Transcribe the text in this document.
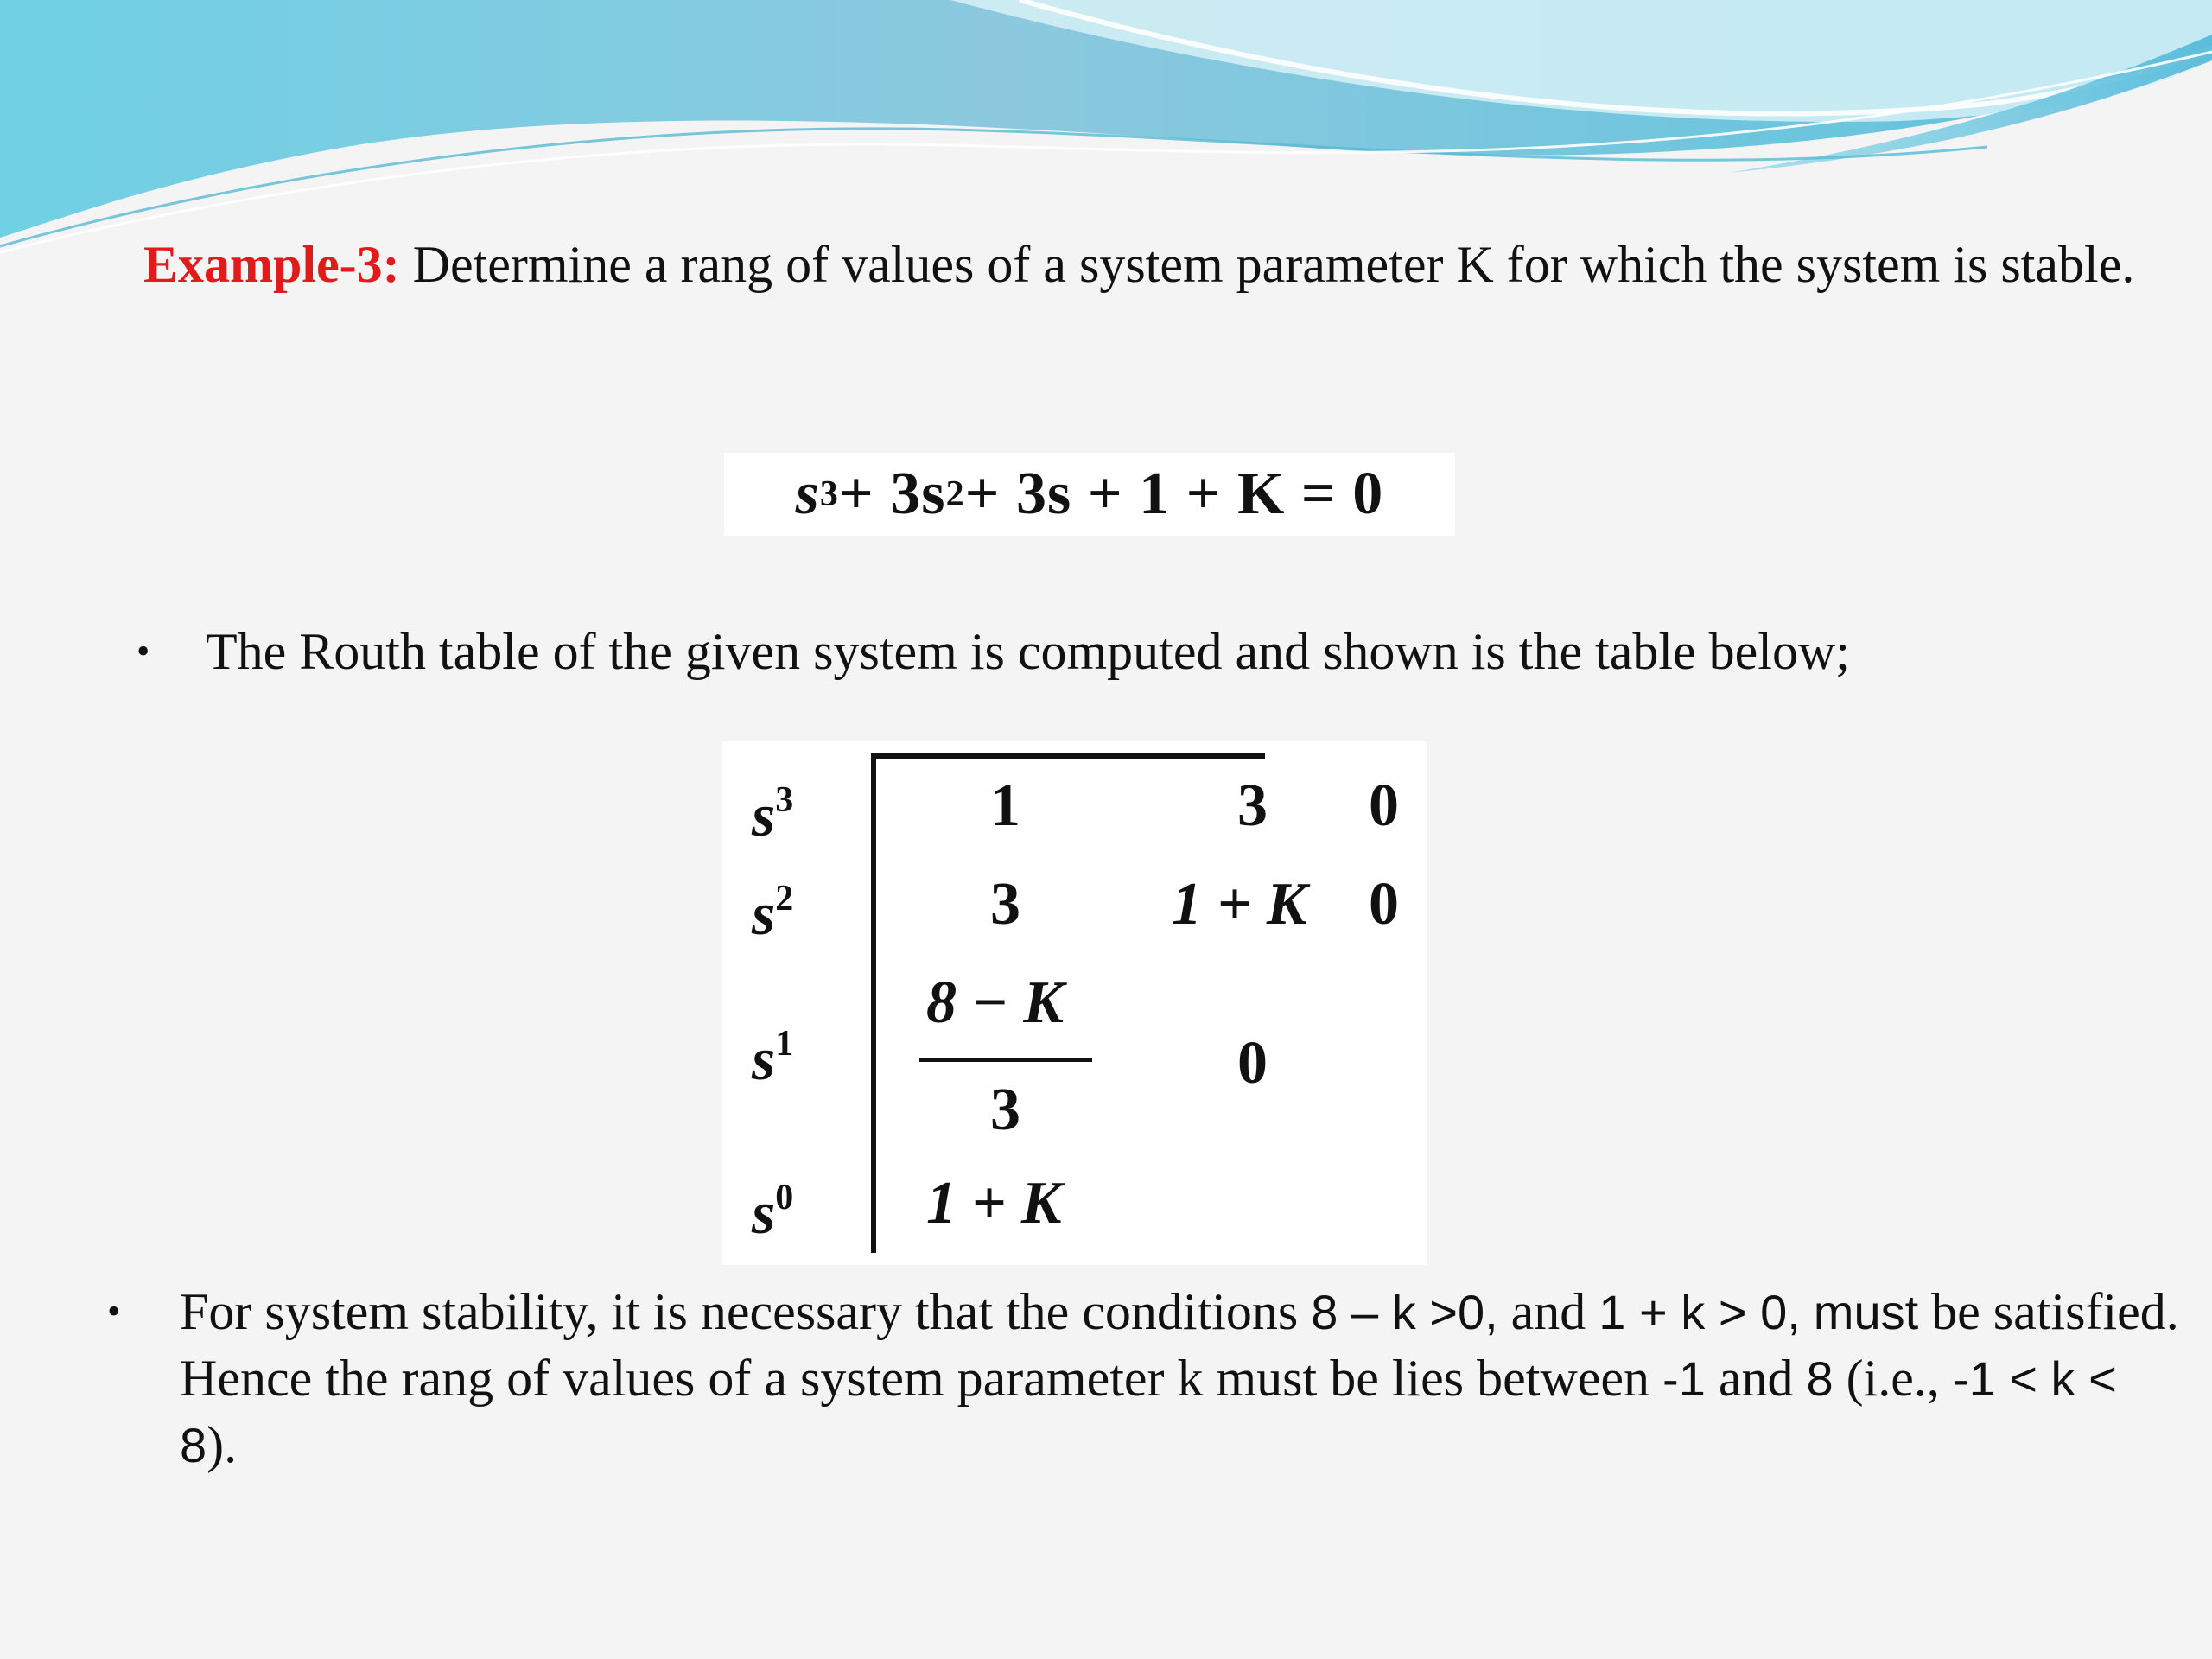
Example-3: Determine a rang of values of a system parameter K for which the system is stable.
s 3 + 3s 2 + 3s + 1 + K = 0
• The Routh table of the given system is computed and shown is the table below;
$s^3$
$s^2$
$s^1$
$s^0$
1	3 0
3	1 + K 0
8 − K
3
0
1 + K
• For system stability, it is necessary that the conditions 8 – k >0, and 1 + k > 0, must be satisfied. Hence the rang of values of a system parameter k must be lies between -1 and 8 (i.e., -1 < k < 8).
